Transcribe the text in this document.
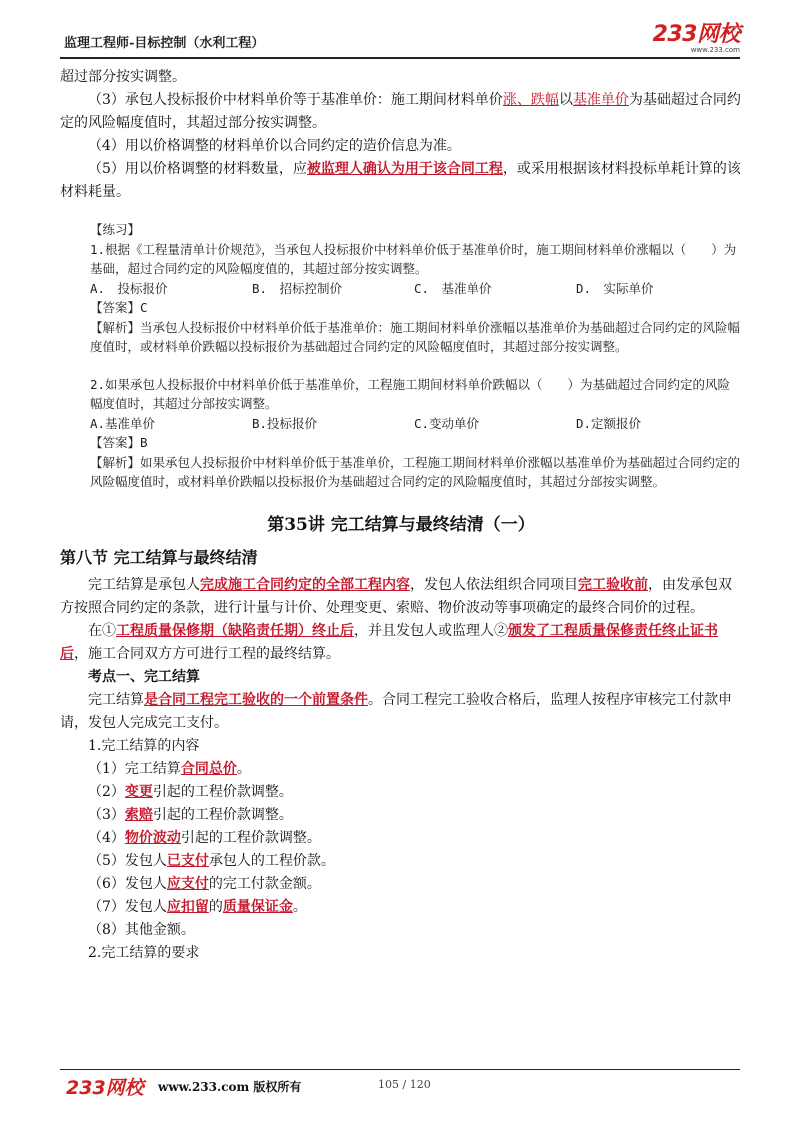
监理工程师-目标控制（水利工程）	233网校
www.233.com

超过部分按实调整。

（3）承包人投标报价中材料单价等于基准单价：施工期间材料单价涨、跌幅以基准单价为基础超过合同约定的风险幅度值时，其超过部分按实调整。

（4）用以价格调整的材料单价以合同约定的造价信息为准。

（5）用以价格调整的材料数量，应被监理人确认为用于该合同工程，或采用根据该材料投标单耗计算的该材料耗量。

【练习】

1.根据《工程量清单计价规范》，当承包人投标报价中材料单价低于基准单价时，施工期间材料单价涨幅以（　　）为基础，超过合同约定的风险幅度值的，其超过部分按实调整。

A.　投标报价	B.　招标控制价	C.　基准单价	D.　实际单价

【答案】C

【解析】当承包人投标报价中材料单价低于基准单价：施工期间材料单价涨幅以基准单价为基础超过合同约定的风险幅度值时，或材料单价跌幅以投标报价为基础超过合同约定的风险幅度值时，其超过部分按实调整。

2.如果承包人投标报价中材料单价低于基准单价，工程施工期间材料单价跌幅以（　　）为基础超过合同约定的风险幅度值时，其超过分部按实调整。

A.基准单价	B.投标报价	C.变动单价	D.定额报价

【答案】B

【解析】如果承包人投标报价中材料单价低于基准单价，工程施工期间材料单价涨幅以基准单价为基础超过合同约定的风险幅度值时，或材料单价跌幅以投标报价为基础超过合同约定的风险幅度值时，其超过分部按实调整。

第35讲 完工结算与最终结清（一）
第八节 完工结算与最终结清

完工结算是承包人完成施工合同约定的全部工程内容，发包人依法组织合同项目完工验收前，由发承包双方按照合同约定的条款，进行计量与计价、处理变更、索赔、物价波动等事项确定的最终合同价的过程。

在①工程质量保修期（缺陷责任期）终止后，并且发包人或监理人②颁发了工程质量保修责任终止证书后，施工合同双方方可进行工程的最终结算。

考点一、完工结算

完工结算是合同工程完工验收的一个前置条件。合同工程完工验收合格后，监理人按程序审核完工付款申请，发包人完成完工支付。

1.完工结算的内容

（1）完工结算合同总价。

（2）变更引起的工程价款调整。

（3）索赔引起的工程价款调整。

（4）物价波动引起的工程价款调整。

（5）发包人已支付承包人的工程价款。

（6）发包人应支付的完工付款金额。

（7）发包人应扣留的质量保证金。

（8）其他金额。

2.完工结算的要求

233网校 www.233.com 版权所有	105 / 120
